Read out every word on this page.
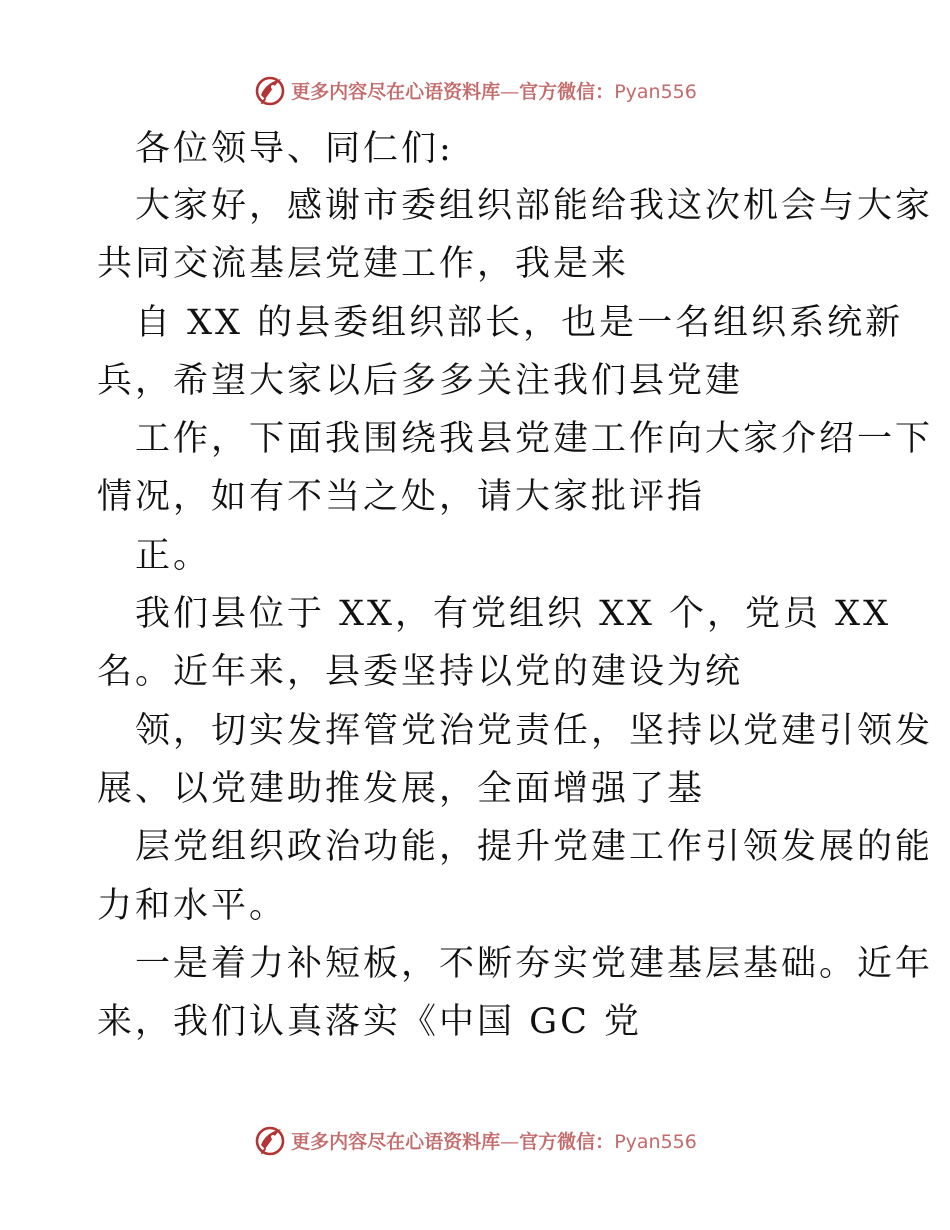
更多内容尽在心语资料库—官方微信：Pyan556
各位领导、同仁们:
大家好，感谢市委组织部能给我这次机会与大家
共同交流基层党建工作，我是来
自 XX 的县委组织部长，也是一名组织系统新
兵，希望大家以后多多关注我们县党建
工作，下面我围绕我县党建工作向大家介绍一下
情况，如有不当之处，请大家批评指
正。
我们县位于 XX，有党组织 XX 个，党员 XX
名。近年来，县委坚持以党的建设为统
领，切实发挥管党治党责任，坚持以党建引领发
展、以党建助推发展，全面增强了基
层党组织政治功能，提升党建工作引领发展的能
力和水平。
一是着力补短板，不断夯实党建基层基础。近年
来，我们认真落实《中国 GC 党
更多内容尽在心语资料库—官方微信：Pyan556
